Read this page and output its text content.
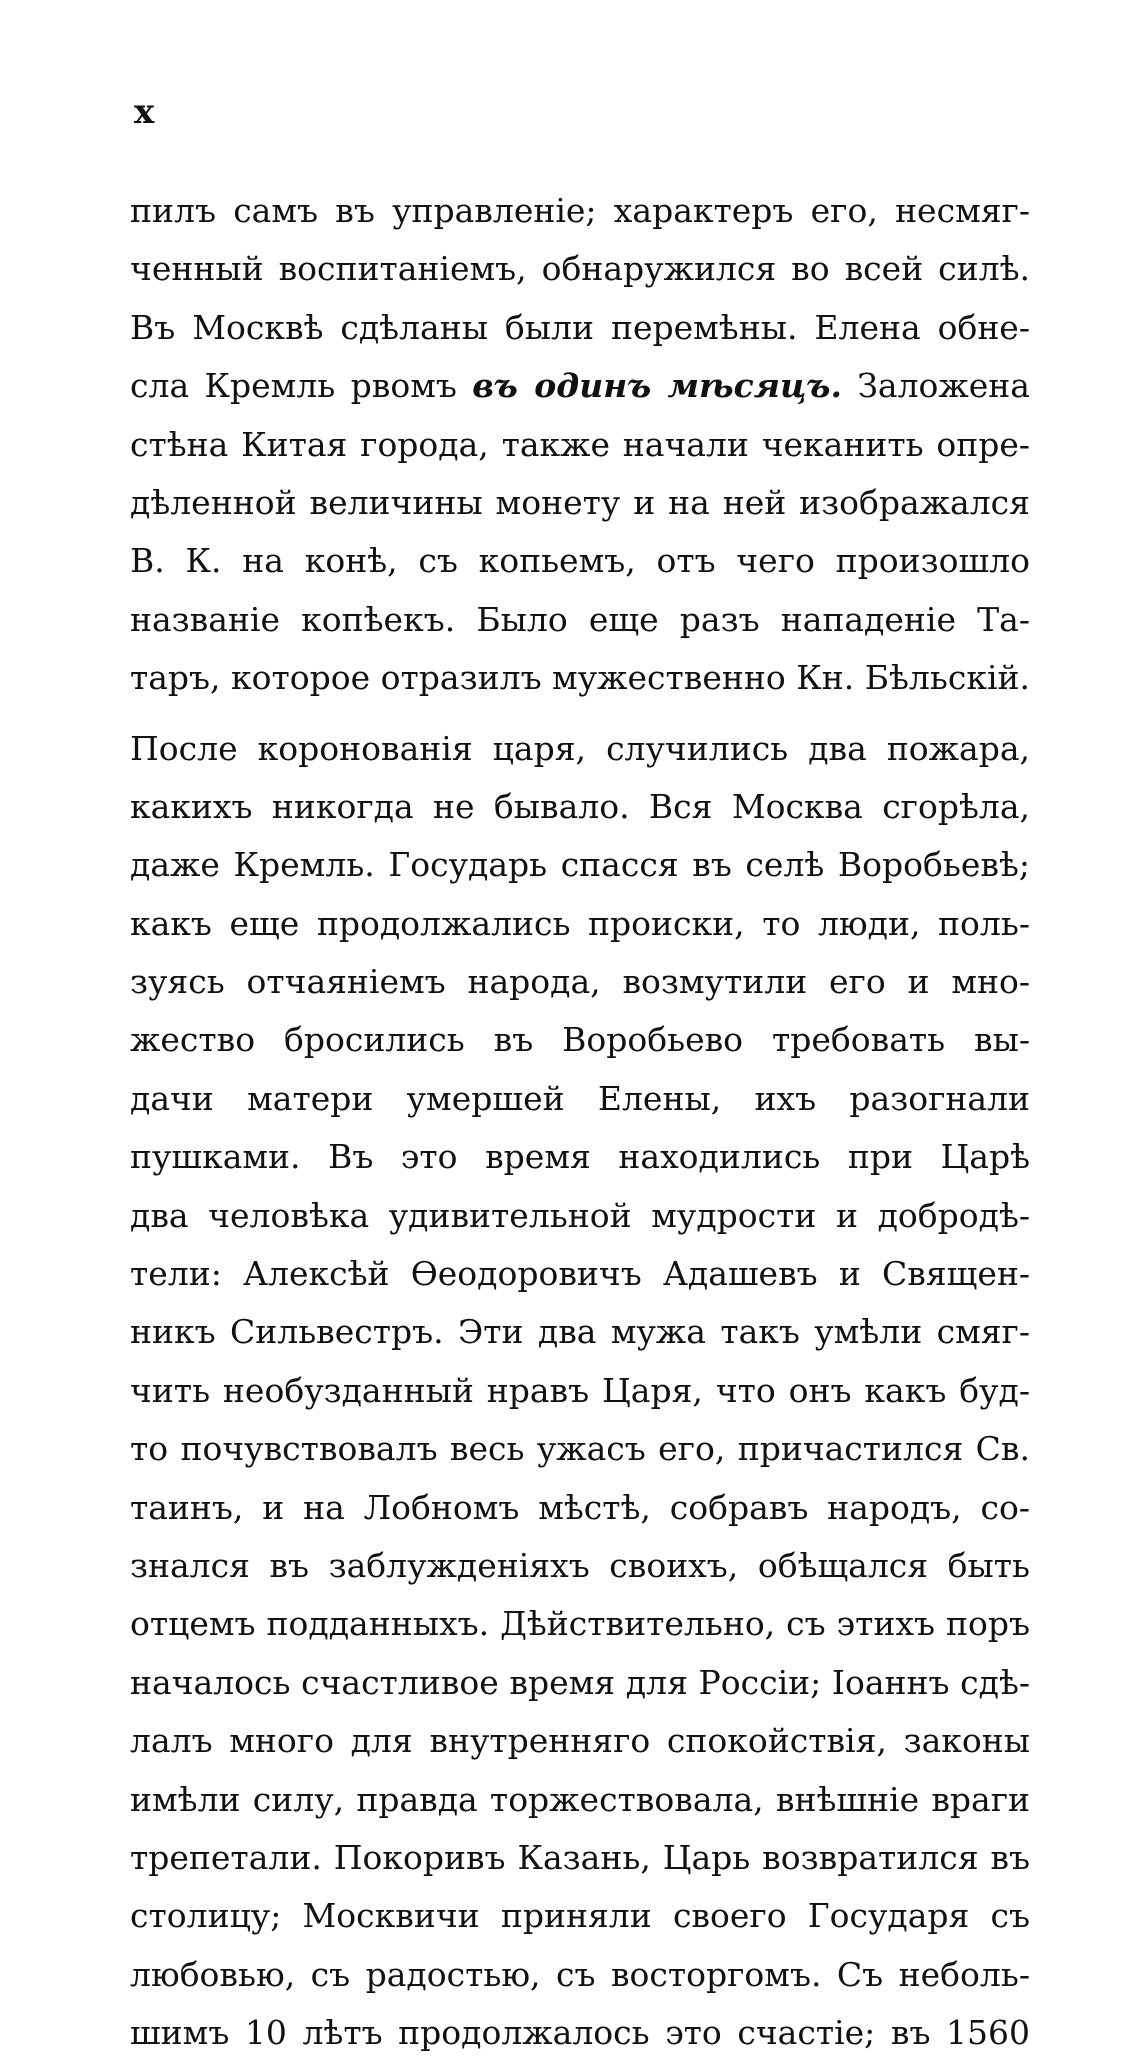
x
пилъ самъ въ управленіе; характеръ его, несмяг-
ченный воспитаніемъ, обнаружился во всей силѣ.
Въ Москвѣ сдѣланы были перемѣны. Елена обне-
сла Кремль рвомъ въ одинъ мѣсяцъ. Заложена
стѣна Китая города, также начали чеканить опре-
дѣленной величины монету и на ней изображался
В. К. на конѣ, съ копьемъ, отъ чего произошло
названіе копѣекъ. Было еще разъ нападеніе Та-
таръ, которое отразилъ мужественно Кн. Бѣльскій.
После коронованія царя, случились два пожара,
какихъ никогда не бывало. Вся Москва сгорѣла,
даже Кремль. Государь спасся въ селѣ Воробьевѣ;
какъ еще продолжались происки, то люди, поль-
зуясь отчаяніемъ народа, возмутили его и мно-
жество бросились въ Воробьево требовать вы-
дачи матери умершей Елены, ихъ разогнали
пушками. Въ это время находились при Царѣ
два человѣка удивительной мудрости и добродѣ-
тели: Алексѣй Ѳеодоровичъ Адашевъ и Священ-
никъ Сильвестръ. Эти два мужа такъ умѣли смяг-
чить необузданный нравъ Царя, что онъ какъ буд-
то почувствовалъ весь ужасъ его, причастился Св.
таинъ, и на Лобномъ мѣстѣ, собравъ народъ, со-
знался въ заблужденіяхъ своихъ, обѣщался быть
отцемъ подданныхъ. Дѣйствительно, съ этихъ поръ
началось счастливое время для Россіи; Іоаннъ сдѣ-
лалъ много для внутренняго спокойствія, законы
имѣли силу, правда торжествовала, внѣшніе враги
трепетали. Покоривъ Казань, Царь возвратился въ
столицу; Москвичи приняли своего Государя съ
любовью, съ радостью, съ восторгомъ. Съ неболь-
шимъ 10 лѣтъ продолжалось это счастіе; въ 1560
